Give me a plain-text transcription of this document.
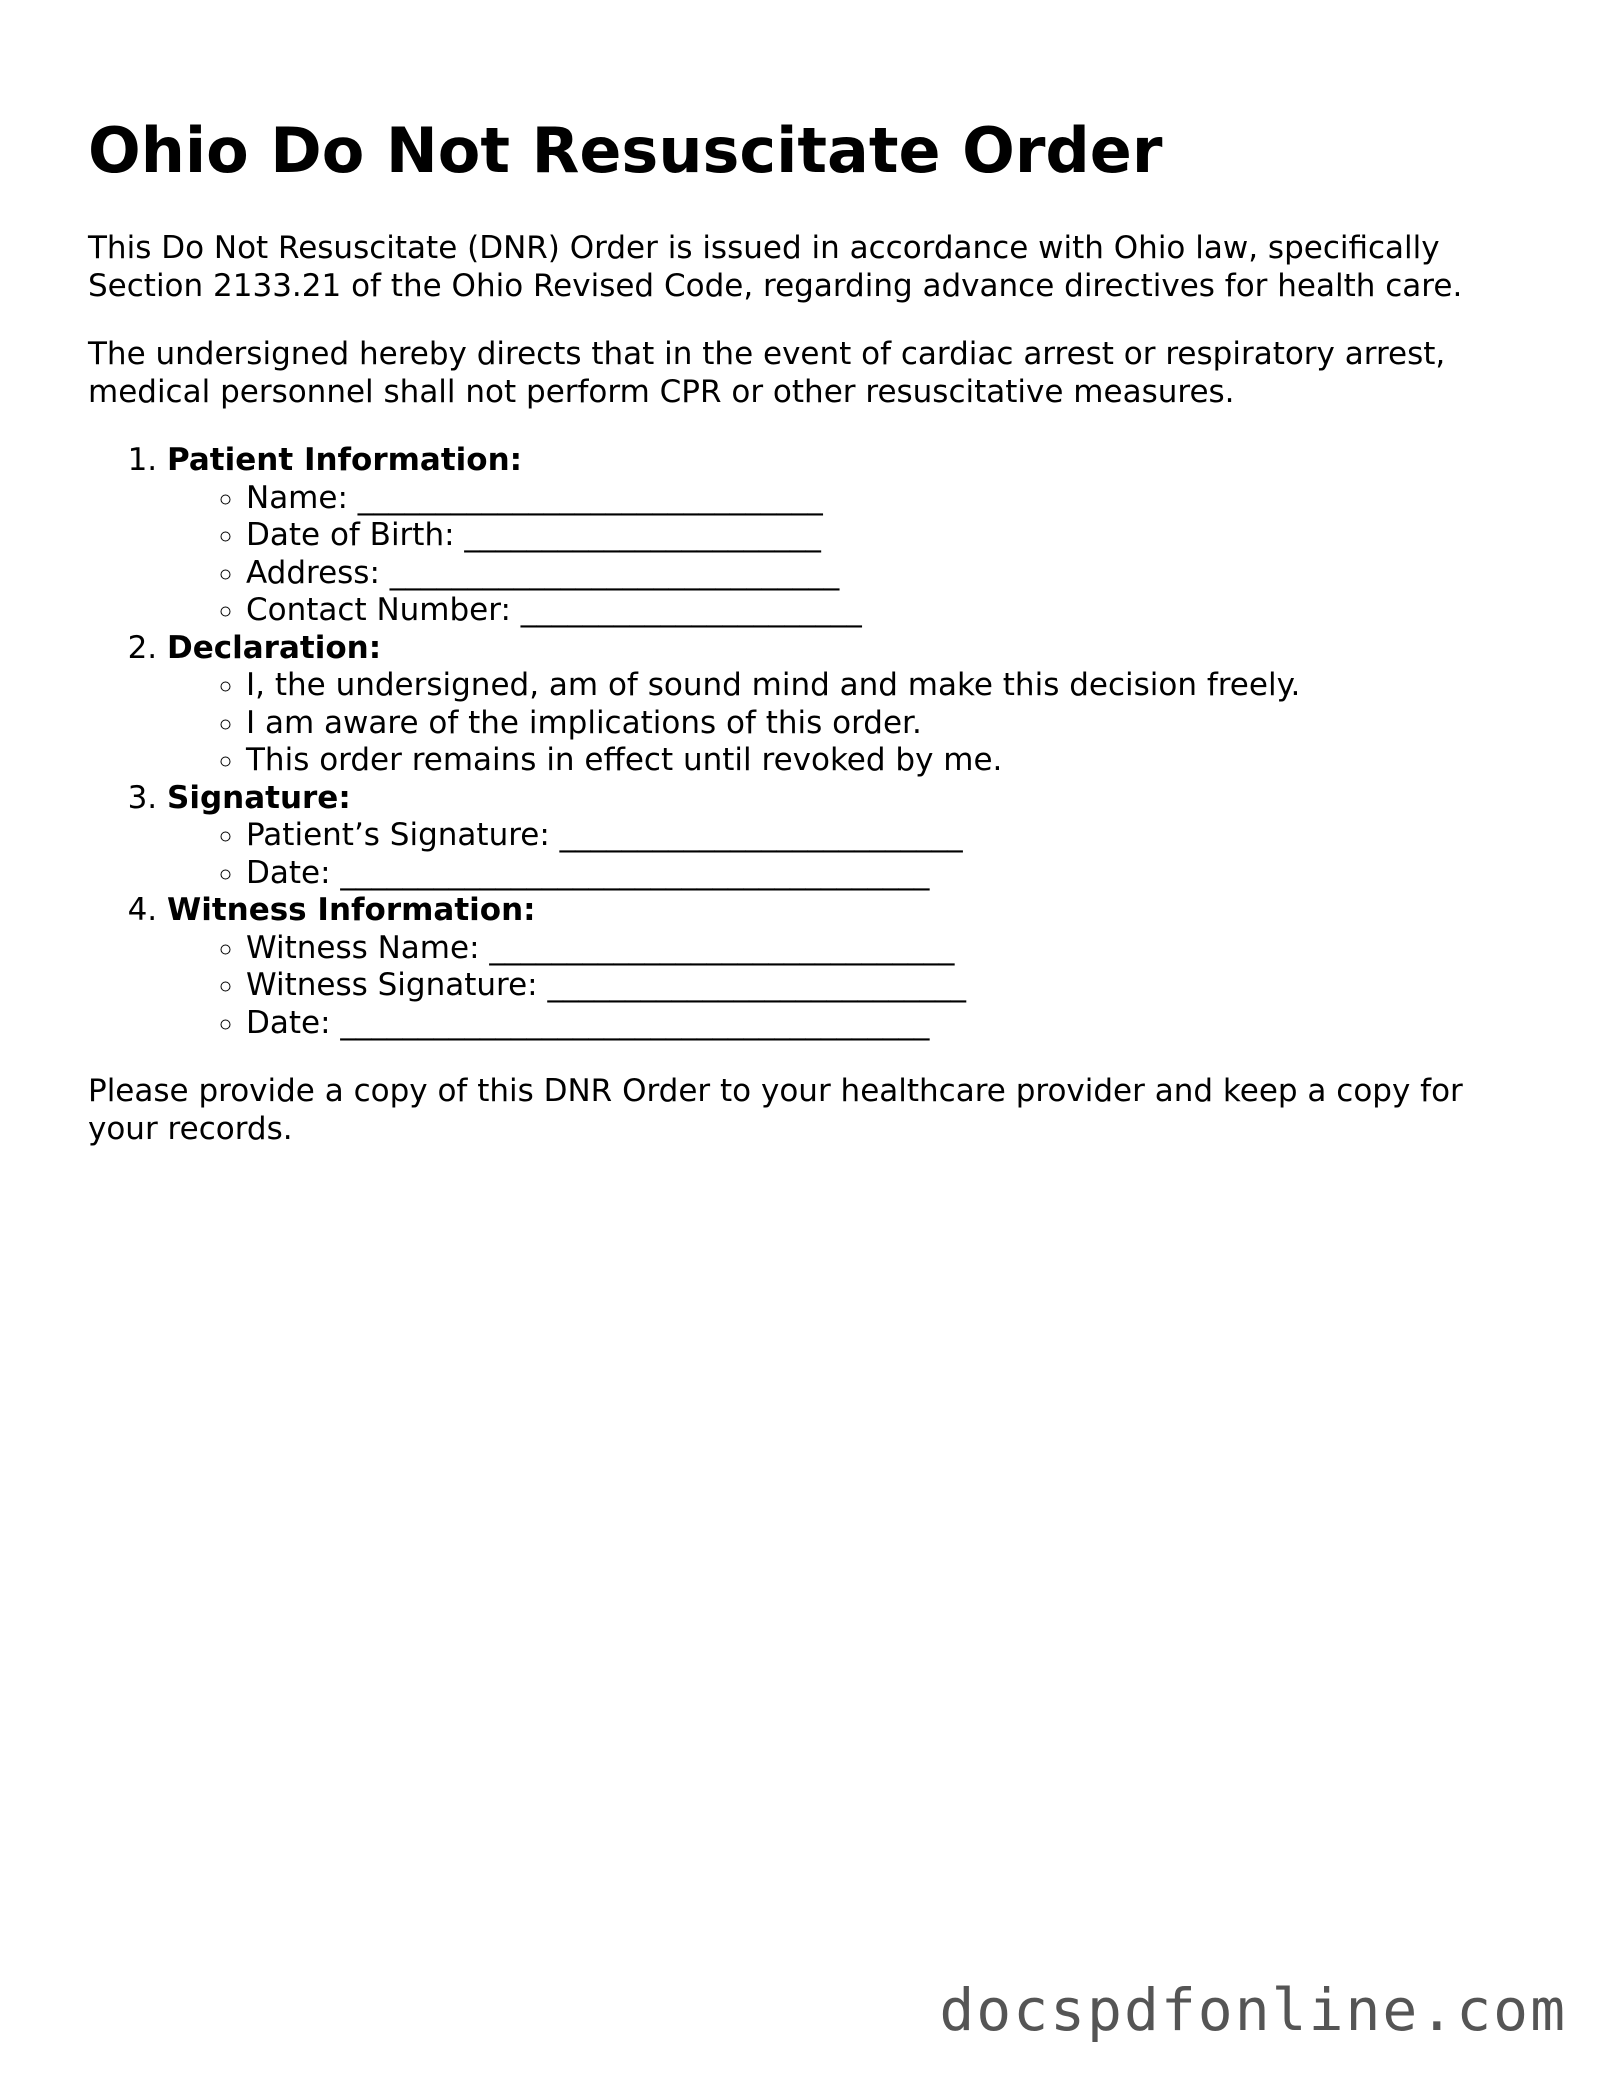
Ohio Do Not Resuscitate Order

This Do Not Resuscitate (DNR) Order is issued in accordance with Ohio law, specifically Section 2133.21 of the Ohio Revised Code, regarding advance directives for health care.

The undersigned hereby directs that in the event of cardiac arrest or respiratory arrest, medical personnel shall not perform CPR or other resuscitative measures.

1. Patient Information:
◦ Name: ______________________________
◦ Date of Birth: _______________________
◦ Address: _____________________________
◦ Contact Number: ______________________
2. Declaration:
◦ I, the undersigned, am of sound mind and make this decision freely.
◦ I am aware of the implications of this order.
◦ This order remains in effect until revoked by me.
3. Signature:
◦ Patient’s Signature: __________________________
◦ Date: ______________________________________
4. Witness Information:
◦ Witness Name: ______________________________
◦ Witness Signature: ___________________________
◦ Date: ______________________________________

Please provide a copy of this DNR Order to your healthcare provider and keep a copy for your records.

docspdfonline.com
